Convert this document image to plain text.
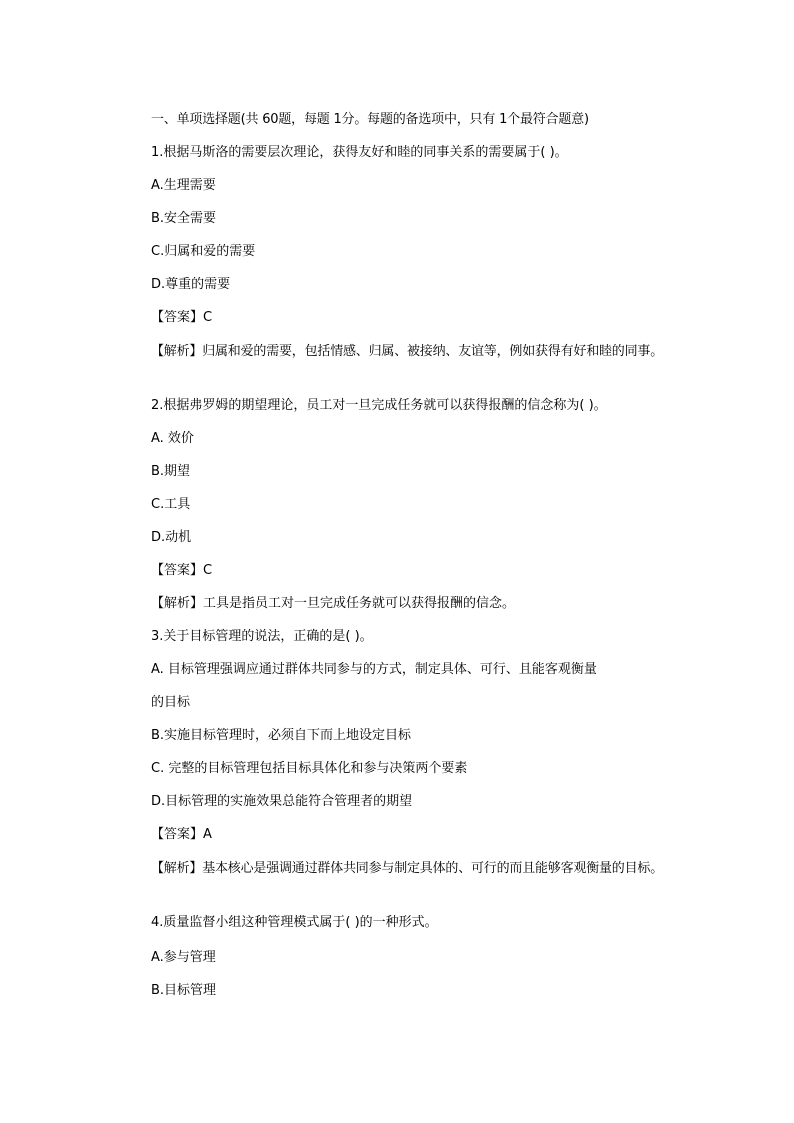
一、单项选择题(共 60题，每题 1分。每题的备选项中，只有 1个最符合题意)
1.根据马斯洛的需要层次理论，获得友好和睦的同事关系的需要属于( )。
A.生理需要
B.安全需要
C.归属和爱的需要
D.尊重的需要
【答案】C

【解析】归属和爱的需要，包括情感、归属、被接纳、友谊等，例如获得有好和睦的同事。

2.根据弗罗姆的期望理论，员工对一旦完成任务就可以获得报酬的信念称为( )。
A. 效价
B.期望
C.工具
D.动机
【答案】C
【解析】工具是指员工对一旦完成任务就可以获得报酬的信念。
3.关于目标管理的说法，正确的是( )。
A. 目标管理强调应通过群体共同参与的方式，制定具体、可行、且能客观衡量
的目标
B.实施目标管理时，必须自下而上地设定目标
C. 完整的目标管理包括目标具体化和参与决策两个要素
D.目标管理的实施效果总能符合管理者的期望
【答案】A

【解析】基本核心是强调通过群体共同参与制定具体的、可行的而且能够客观衡量的目标。

4.质量监督小组这种管理模式属于( )的一种形式。
A.参与管理
B.目标管理
